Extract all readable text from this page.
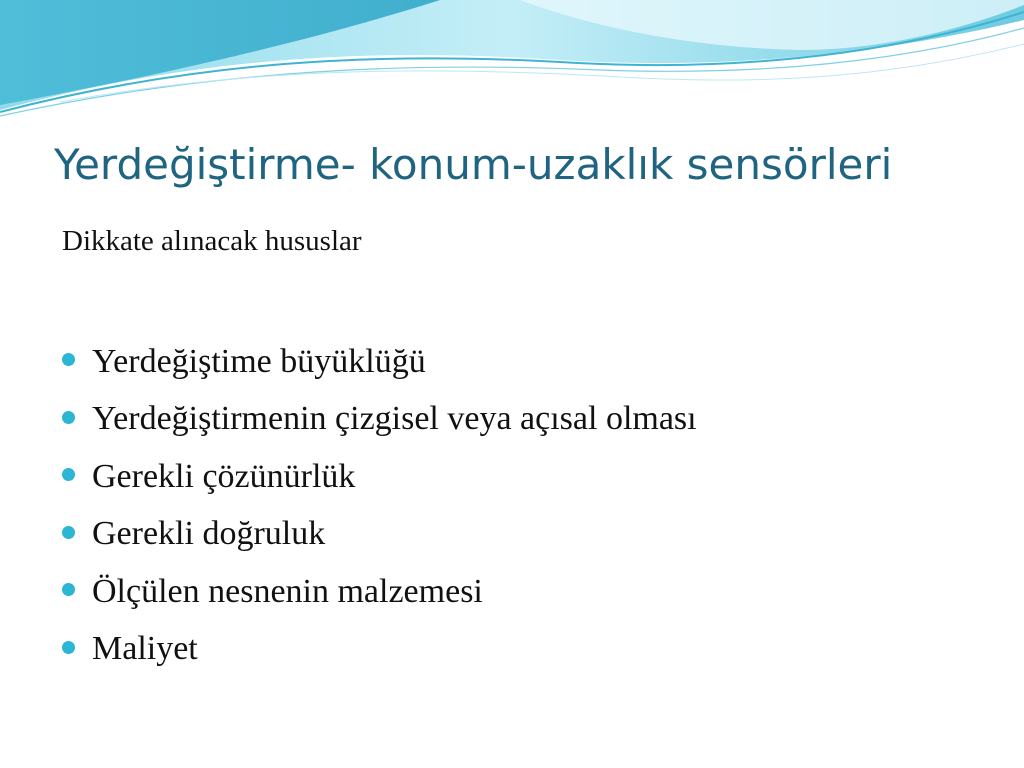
Yerdeğiştirme- konum-uzaklık sensörleri
Dikkate alınacak hususlar
Yerdeğiştime büyüklüğü
Yerdeğiştirmenin çizgisel veya açısal olması
Gerekli çözünürlük
Gerekli doğruluk
Ölçülen nesnenin malzemesi
Maliyet
